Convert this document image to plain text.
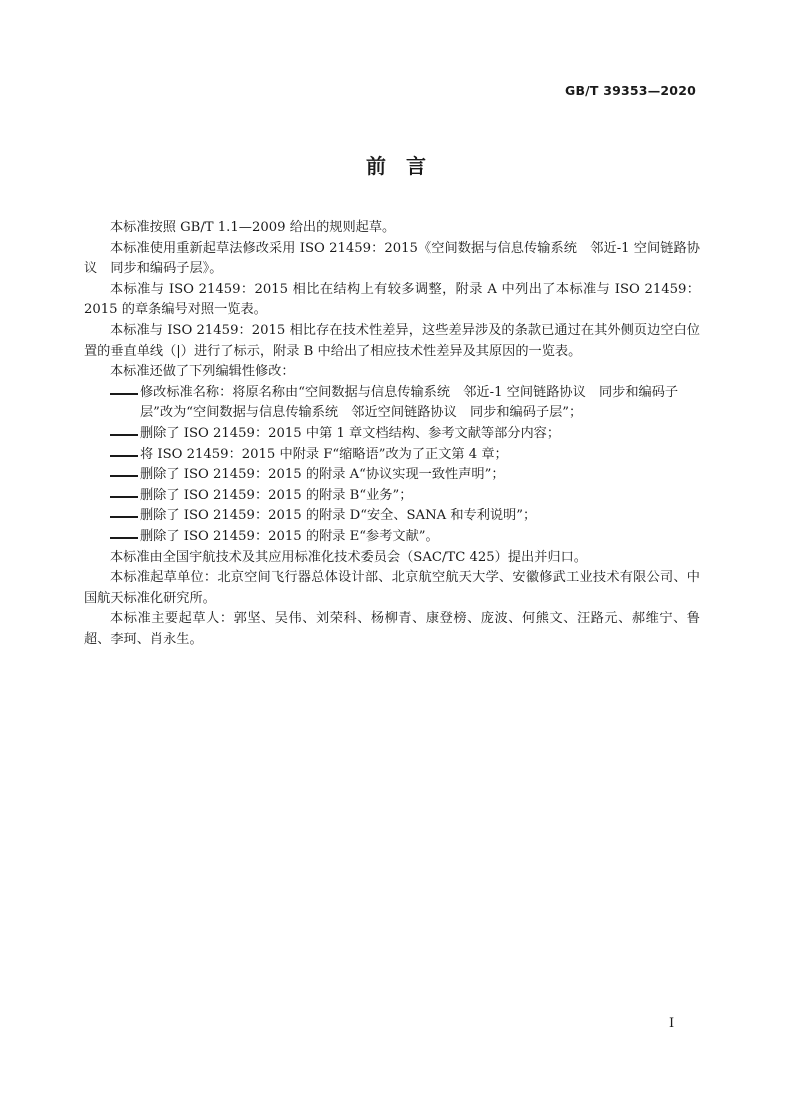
GB/T 39353—2020
前　言

本标准按照 GB/T 1.1—2009 给出的规则起草。

本标准使用重新起草法修改采用 ISO 21459：2015《空间数据与信息传输系统　邻近-1 空间链路协议　同步和编码子层》。

本标准与 ISO 21459：2015 相比在结构上有较多调整，附录 A 中列出了本标准与 ISO 21459：2015 的章条编号对照一览表。

本标准与 ISO 21459：2015 相比存在技术性差异，这些差异涉及的条款已通过在其外侧页边空白位置的垂直单线（|）进行了标示，附录 B 中给出了相应技术性差异及其原因的一览表。

本标准还做了下列编辑性修改：

修改标准名称：将原名称由“空间数据与信息传输系统　邻近-1 空间链路协议　同步和编码子层”改为“空间数据与信息传输系统　邻近空间链路协议　同步和编码子层”；
删除了 ISO 21459：2015 中第 1 章文档结构、参考文献等部分内容；
将 ISO 21459：2015 中附录 F“缩略语”改为了正文第 4 章；
删除了 ISO 21459：2015 的附录 A“协议实现一致性声明”；
删除了 ISO 21459：2015 的附录 B“业务”；
删除了 ISO 21459：2015 的附录 D“安全、SANA 和专利说明”；
删除了 ISO 21459：2015 的附录 E“参考文献”。

本标准由全国宇航技术及其应用标准化技术委员会（SAC/TC 425）提出并归口。

本标准起草单位：北京空间飞行器总体设计部、北京航空航天大学、安徽修武工业技术有限公司、中国航天标准化研究所。

本标准主要起草人：郭坚、吴伟、刘荣科、杨柳青、康登榜、庞波、何熊文、汪路元、郝维宁、鲁超、李珂、肖永生。

I
